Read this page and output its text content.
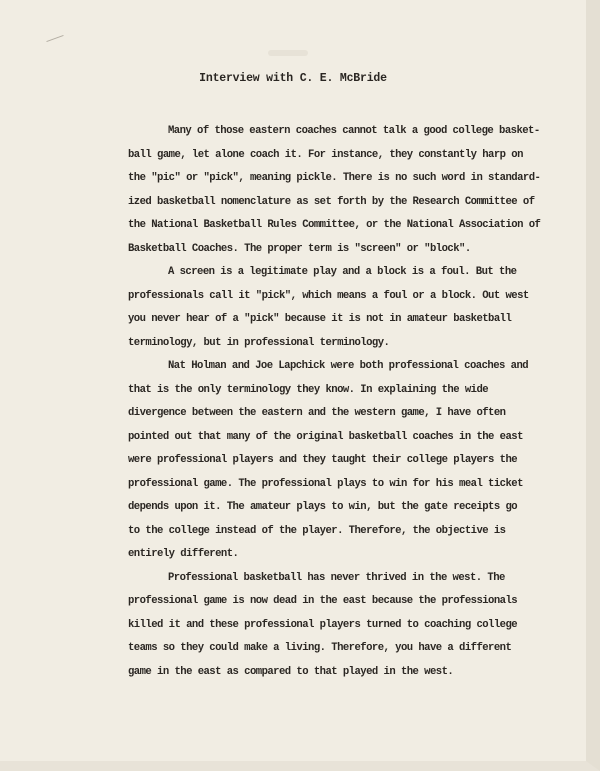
Interview with C. E. McBride
Many of those eastern coaches cannot talk a good college basket-
ball game, let alone coach it. For instance, they constantly harp on
the "pic" or "pick", meaning pickle. There is no such word in standard-
ized basketball nomenclature as set forth by the Research Committee of
the National Basketball Rules Committee, or the National Association of
Basketball Coaches. The proper term is "screen" or "block".
A screen is a legitimate play and a block is a foul. But the
professionals call it "pick", which means a foul or a block. Out west
you never hear of a "pick" because it is not in amateur basketball
terminology, but in professional terminology.
Nat Holman and Joe Lapchick were both professional coaches and
that is the only terminology they know. In explaining the wide
divergence between the eastern and the western game, I have often
pointed out that many of the original basketball coaches in the east
were professional players and they taught their college players the
professional game. The professional plays to win for his meal ticket
depends upon it. The amateur plays to win, but the gate receipts go
to the college instead of the player. Therefore, the objective is
entirely different.
Professional basketball has never thrived in the west. The
professional game is now dead in the east because the professionals
killed it and these professional players turned to coaching college
teams so they could make a living. Therefore, you have a different
game in the east as compared to that played in the west.
